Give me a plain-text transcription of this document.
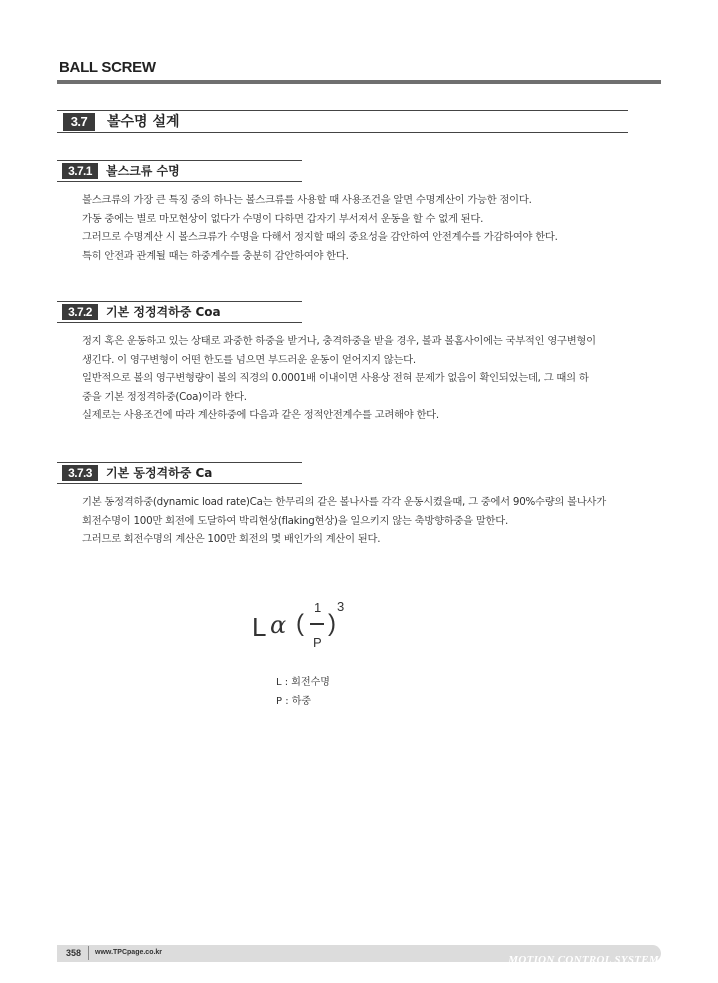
BALL SCREW
3.7	볼수명 설계
3.7.1	볼스크류 수명

볼스크류의 가장 큰 특징 중의 하나는 볼스크류를 사용할 때 사용조건을 알면 수명계산이 가능한 점이다.

가동 중에는 별로 마모현상이 없다가 수명이 다하면 갑자기 부서져서 운동을 할 수 없게 된다.

그러므로 수명계산 시 볼스크류가 수명을 다해서 정지할 때의 중요성을 감안하여 안전계수를 가감하여야 한다.

특히 안전과 관계될 때는 하중계수를 충분히 감안하여야 한다.

3.7.2	기본 정정격하중 Coa

정지 혹은 운동하고 있는 상태로 과중한 하중을 받거나, 충격하중을 받을 경우, 볼과 볼홈사이에는 국부적인 영구변형이

생긴다. 이 영구변형이 어떤 한도를 넘으면 부드러운 운동이 얻어지지 않는다.

일반적으로 볼의 영구변형량이 볼의 직경의 0.0001배 이내이면 사용상 전혀 문제가 없음이 확인되었는데, 그 때의 하

중을 기본 정정격하중(Coa)이라 한다.

실제로는 사용조건에 따라 계산하중에 다음과 같은 정적안전계수를 고려해야 한다.

3.7.3	기본 동정격하중 Ca

기본 동정격하중(dynamic load rate)Ca는 한무리의 같은 볼나사를 각각 운동시켰을때, 그 중에서 90%수량의 볼나사가

회전수명이 100만 회전에 도달하여 박리현상(flaking현상)을 일으키지 않는 축방향하중을 말한다.

그러므로 회전수명의 계산은 100만 회전의 몇 배인가의 계산이 된다.

L α (
1
P
)
3

L : 회전수명

P : 하중

358 www.TPCpage.co.kr
MOTION CONTROL SYSTEM
